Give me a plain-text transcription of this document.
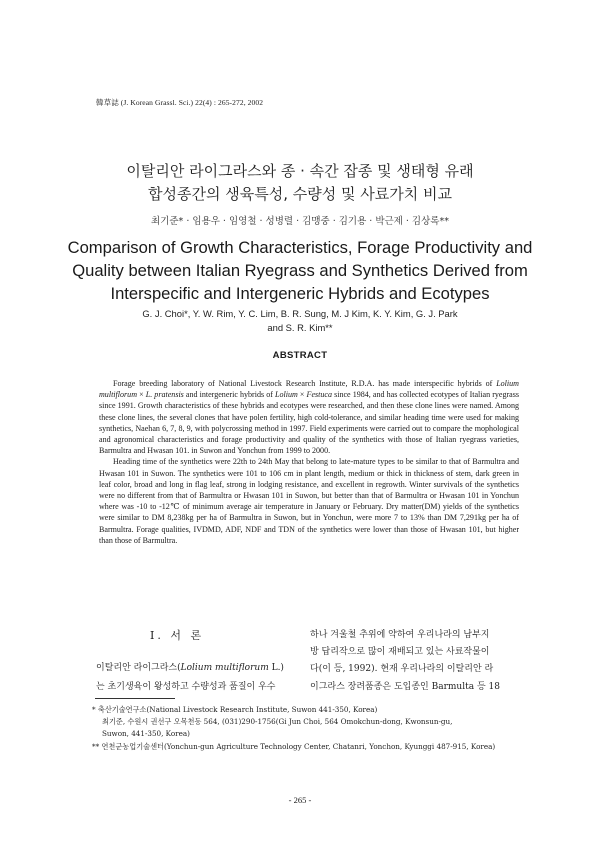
韓草誌 (J. Korean Grassl. Sci.) 22(4) : 265-272, 2002
이탈리안 라이그라스와 종 · 속간 잡종 및 생태형 유래
합성종간의 생육특성, 수량성 및 사료가치 비교
최기준* · 임용우 · 임영철 · 성병렬 · 김맹중 · 김기용 · 박근제 · 김상록**
Comparison of Growth Characteristics, Forage Productivity and
Quality between Italian Ryegrass and Synthetics Derived from
Interspecific and Intergeneric Hybrids and Ecotypes
G. J. Choi*, Y. W. Rim, Y. C. Lim, B. R. Sung, M. J Kim, K. Y. Kim, G. J. Park
and S. R. Kim**
ABSTRACT

Forage breeding laboratory of National Livestock Research Institute, R.D.A. has made interspecific hybrids of Lolium multiflorum × L. pratensis and intergeneric hybrids of Lolium × Festuca since 1984, and has collected ecotypes of Italian ryegrass since 1991. Growth characteristics of these hybrids and ecotypes were researched, and then these clone lines were named. Among these clone lines, the several clones that have polen fertility, high cold-tolerance, and similar heading time were used for making synthetics, Naehan 6, 7, 8, 9, with polycrossing method in 1997. Field experiments were carried out to compare the mophological and agronomical characteristics and forage productivity and quality of the synthetics with those of Italian ryegrass varieties, Barmultra and Hwasan 101. in Suwon and Yonchun from 1999 to 2000.

Heading time of the synthetics were 22th to 24th May that belong to late-mature types to be similar to that of Barmultra and Hwasan 101 in Suwon. The synthetics were 101 to 106 cm in plant length, medium or thick in thickness of stem, dark green in leaf color, broad and long in flag leaf, strong in lodging resistance, and excellent in regrowth. Winter survivals of the synthetics were no different from that of Barmultra or Hwasan 101 in Suwon, but better than that of Barmultra or Hwasan 101 in Yonchun where was -10 to -12℃ of minimum average air temperature in January or February. Dry matter(DM) yields of the synthetics were similar to DM 8,238kg per ha of Barmultra in Suwon, but in Yonchun, were more 7 to 13% than DM 7,291kg per ha of Barmultra. Forage qualities, IVDMD, ADF, NDF and TDN of the synthetics were lower than those of Hwasan 101, but higher than those of Barmultra.

I. 서 론
이탈리안 라이그라스(Lolium multiflorum L.)
는 초기생육이 왕성하고 수량성과 품질이 우수
하나 겨울철 추위에 약하여 우리나라의 남부지
방 답리작으로 많이 재배되고 있는 사료작물이
다(이 등, 1992). 현재 우리나라의 이탈리안 라
이그라스 장려품종은 도입종인 Barmulta 등 18
* 축산기술연구소(National Livestock Research Institute, Suwon 441-350, Korea)
최기준, 수원시 권선구 오목천동 564, (031)290-1756(Gi Jun Choi, 564 Omokchun-dong, Kwonsun-gu,
Suwon, 441-350, Korea)
** 연천군농업기술센터(Yonchun-gun Agriculture Technology Center, Chatanri, Yonchon, Kyunggi 487-915, Korea)
- 265 -
